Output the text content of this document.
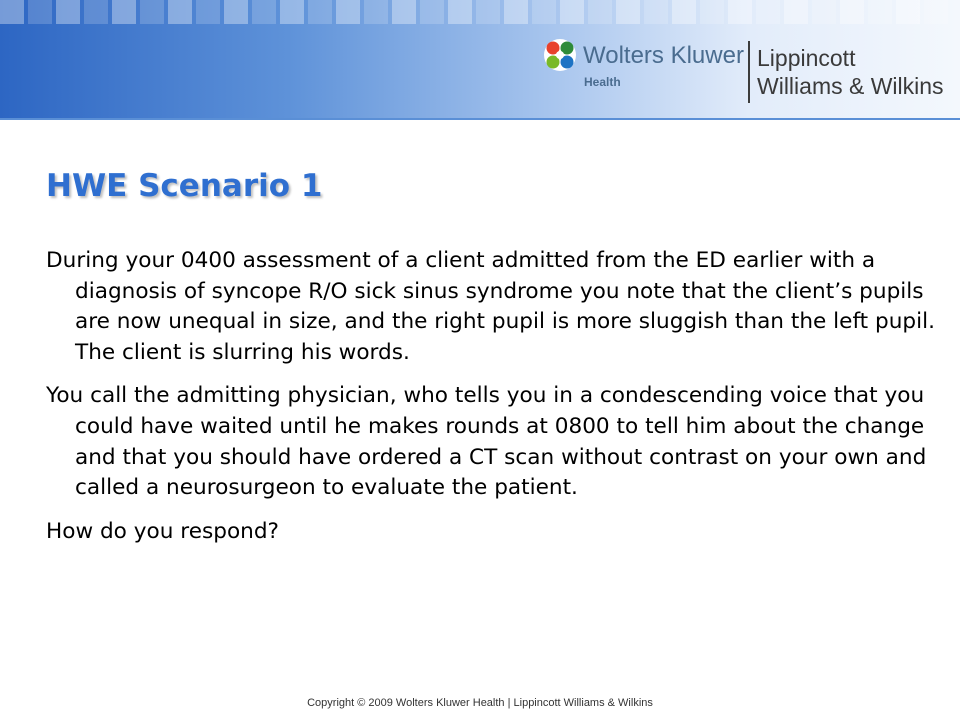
Wolters Kluwer
Health
Lippincott
Williams & Wilkins
HWE Scenario 1

During your 0400 assessment of a client admitted from the ED earlier with a diagnosis of syncope R/O sick sinus syndrome you note that the client’s pupils are now unequal in size, and the right pupil is more sluggish than the left pupil. The client is slurring his words.

You call the admitting physician, who tells you in a condescending voice that you could have waited until he makes rounds at 0800 to tell him about the change and that you should have ordered a CT scan without contrast on your own and called a neurosurgeon to evaluate the patient.

How do you respond?

Copyright © 2009 Wolters Kluwer Health | Lippincott Williams & Wilkins
